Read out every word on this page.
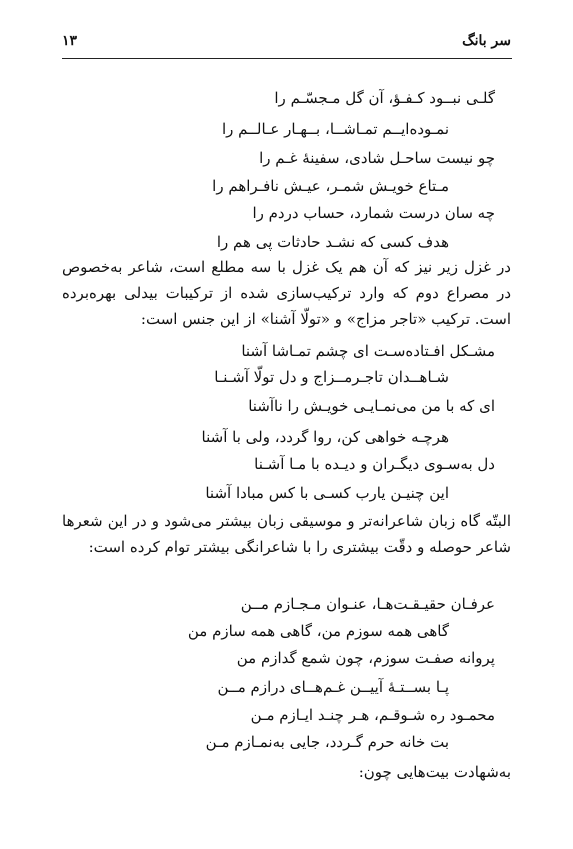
سر بانگ
۱۳
گلـی نبــود کـفـؤ، آن گل مـجسّـم را
نمـوده‌ایــم تمـاشــا، بــهـار عـالــم را
چو نیست ساحـل شادی، سفینهٔ غـم را
مـتاع خویـش شمـر، عیـش نافـراهم را
چه سان درست شمارد، حساب دردم را
هدف کسی که نشـد حادثات پی هم را
در غزل زیر نیز که آن هم یک غزل با سه مطلع است، شاعر به‌خصوص در مصراع دوم که وارد ترکیب‌سازی شده از ترکیبات بیدلی بهره‌برده است. ترکیب «تاجر مزاج» و «تولّا آشنا» از این جنس است:
مشـکل افـتاده‌سـت ای چشم تمـاشا آشنا
شـاهــدان تاجـرمــزاج و دل تولّا آشـنـا
ای که با من می‌نمـایـی خویـش را ناآشنا
هرچـه خواهی کن، روا گردد، ولی با آشنا
دل به‌سـوی دیگـران و دیـده با مـا آشـنا
این چنیـن یارب کسـی با کس مبادا آشنا
البتّه گاه زبان شاعرانه‌تر و موسیقی زبان بیشتر می‌شود و در این شعرها شاعر حوصله و دقّت بیشتری را با شاعرانگی بیشتر توام کرده است:
عرفـان حقیـقـت‌هـا، عنـوان مـجـازم مــن
گاهی همه سوزم من، گاهی همه سازم من
پروانه صفـت سوزم، چون شمع گدازم من
پـا بســتـهٔ آییــن غـم‌هــای درازم مــن
محمـود ره شـوقـم، هـر چنـد ایـازم مـن
بت خانه حرم گـردد، جایی به‌نمـازم مـن
به‌شهادت بیت‌هایی چون:
